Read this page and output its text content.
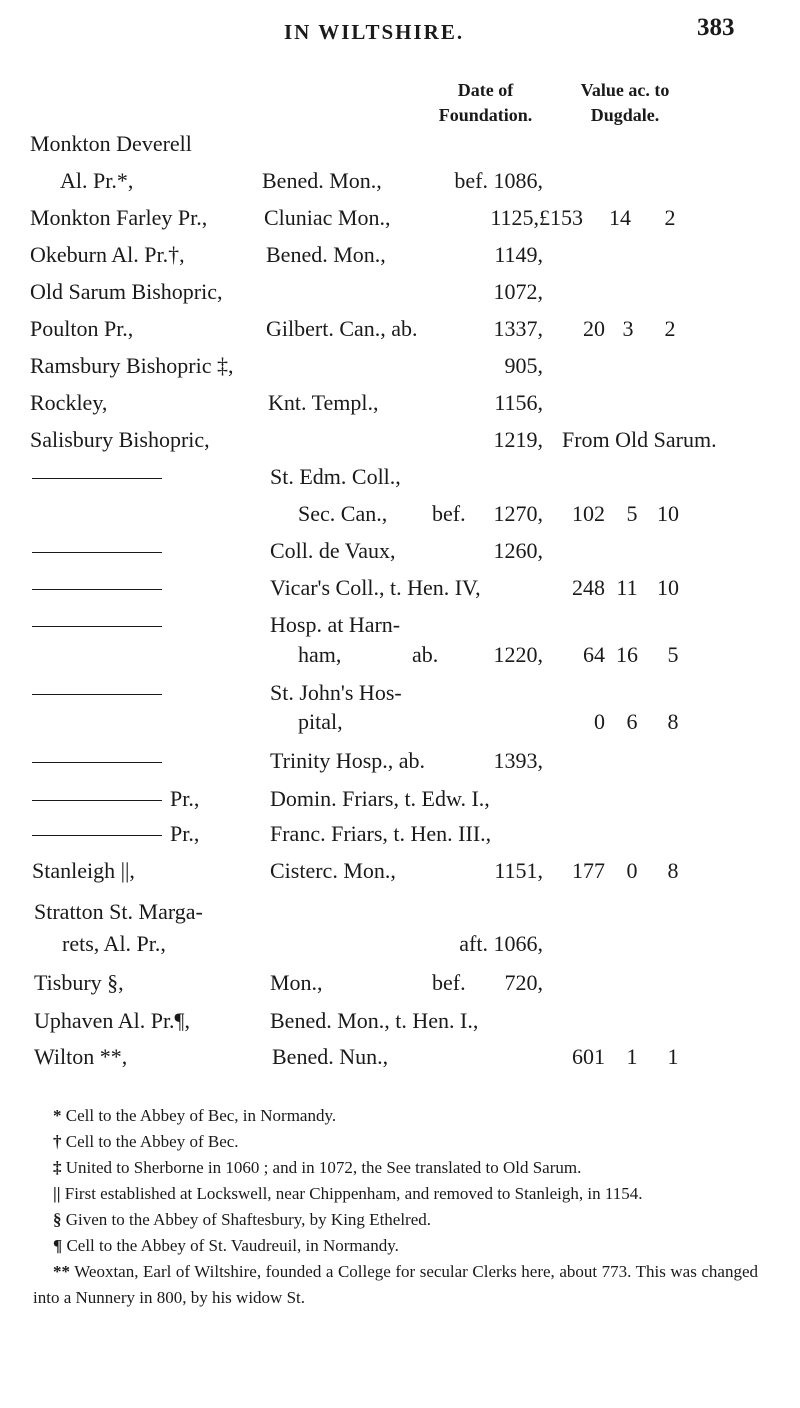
IN WILTSHIRE.	383
Date of
Foundation.
Value ac. to
Dugdale.
Monkton Deverell
Al. Pr.*,	Bened. Mon.,	bef. 1086,
Monkton Farley Pr.,	Cluniac Mon.,	1125, £153 14	2
Okeburn Al. Pr.†,	Bened. Mon.,	1149,
Old Sarum Bishopric,	1072,
Poulton Pr.,	Gilbert. Can., ab.	1337,	20 3	2
Ramsbury Bishopric ‡,	905,
Rockley,	Knt. Templ.,	1156,
Salisbury Bishopric,	1219, From Old Sarum.
St. Edm. Coll.,
Sec. Can., bef.	1270,	102 5 10
Coll. de Vaux,	1260,
Vicar's Coll., t. Hen. IV,	248 11 10
Hosp. at Harn-
ham,	ab.	1220,	64 16	5
St. John's Hos-
pital,	0 6	8
Trinity Hosp., ab.	1393,
Pr.,	Domin. Friars, t. Edw. I.,
Pr.,	Franc. Friars, t. Hen. III.,
Stanleigh ||,	Cisterc. Mon.,	1151,	177 0	8
Stratton St. Marga-
rets, Al. Pr.,	aft. 1066,
Tisbury §,	Mon.,	bef.	720,
Uphaven Al. Pr.¶,	Bened. Mon., t. Hen. I.,
Wilton **,	Bened. Nun.,	601 1	1

* Cell to the Abbey of Bec, in Normandy.

† Cell to the Abbey of Bec.

‡ United to Sherborne in 1060 ; and in 1072, the See translated to Old Sarum.

|| First established at Lockswell, near Chippenham, and removed to Stanleigh, in 1154.

§ Given to the Abbey of Shaftesbury, by King Ethelred.

¶ Cell to the Abbey of St. Vaudreuil, in Normandy.

** Weoxtan, Earl of Wiltshire, founded a College for secular Clerks here, about 773. This was changed into a Nunnery in 800, by his widow St.
